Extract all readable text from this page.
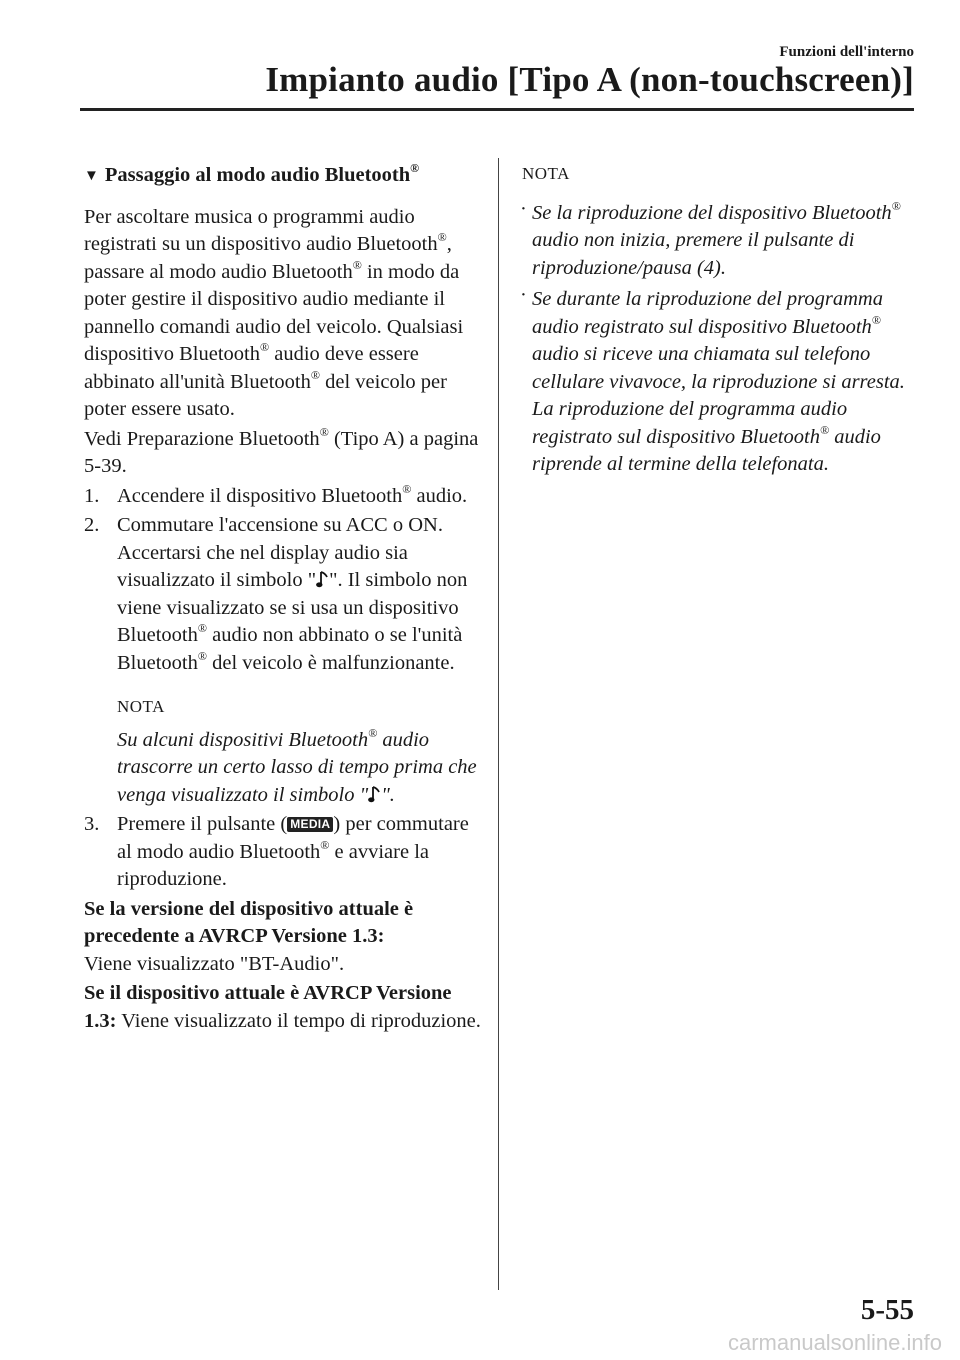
Funzioni dell'interno
Impianto audio [Tipo A (non-touchscreen)]
▼ Passaggio al modo audio Bluetooth®

Per ascoltare musica o programmi audio registrati su un dispositivo audio Bluetooth®, passare al modo audio Bluetooth® in modo da poter gestire il dispositivo audio mediante il pannello comandi audio del veicolo. Qualsiasi dispositivo Bluetooth® audio deve essere abbinato all'unità Bluetooth® del veicolo per poter essere usato.

Vedi Preparazione Bluetooth® (Tipo A) a pagina 5-39.

1. Accendere il dispositivo Bluetooth® audio.
2. Commutare l'accensione su ACC o ON.

Accertarsi che nel display audio sia visualizzato il simbolo " ". Il simbolo non viene visualizzato se si usa un dispositivo Bluetooth® audio non abbinato o se l'unità Bluetooth® del veicolo è malfunzionante.

NOTA

Su alcuni dispositivi Bluetooth® audio trascorre un certo lasso di tempo prima che venga visualizzato il simbolo " ".

3. Premere il pulsante ( MEDIA ) per commutare al modo audio Bluetooth® e avviare la riproduzione.

Se la versione del dispositivo attuale è precedente a AVRCP Versione 1.3:
Viene visualizzato "BT-Audio".

Se il dispositivo attuale è AVRCP Versione 1.3: Viene visualizzato il tempo di riproduzione.

NOTA
· Se la riproduzione del dispositivo Bluetooth® audio non inizia, premere il pulsante di riproduzione/pausa (4).
· Se durante la riproduzione del programma audio registrato sul dispositivo Bluetooth® audio si riceve una chiamata sul telefono cellulare vivavoce, la riproduzione si arresta. La riproduzione del programma audio registrato sul dispositivo Bluetooth® audio riprende al termine della telefonata.
5-55
carmanualsonline.info
